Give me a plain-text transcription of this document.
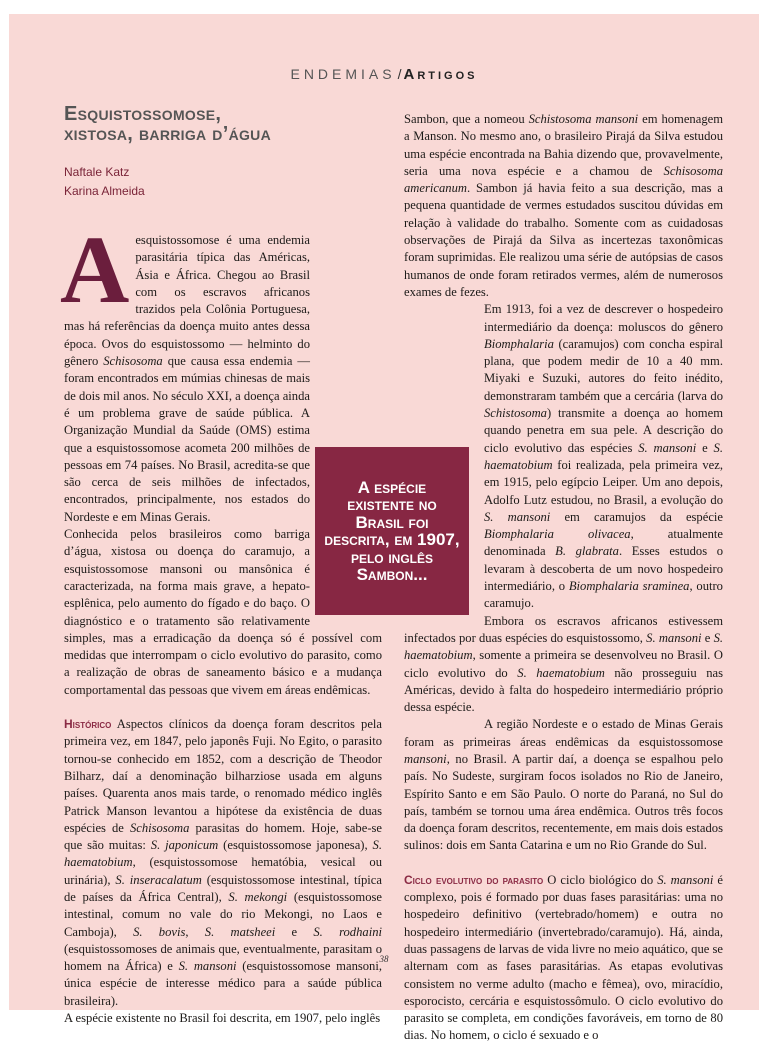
ENDEMIAS / Artigos
Esquistossomose,
xistosa, barriga d’água
Naftale Katz
Karina Almeida

Aesquistossomose é uma endemia parasitária típica das Américas, Ásia e África. Chegou ao Brasil com os escravos africanos trazidos pela Colônia Portuguesa, mas há referências da doença muito antes dessa época. Ovos do esquistossomo — helminto do gênero Schisosoma que causa essa endemia — foram encontrados em múmias chinesas de mais de dois mil anos. No século XXI, a doença ainda é um problema grave de saúde pública. A Organização Mundial da Saúde (OMS) estima que a esquistossomose acometa 200 milhões de pessoas em 74 países. No Brasil, acredita-se que são cerca de seis milhões de infectados, encontrados, principalmente, nos estados do Nordeste e em Minas Gerais.

Conhecida pelos brasileiros como barriga d’água, xistosa ou doença do caramujo, a esquistossomose mansoni ou mansônica é caracterizada, na forma mais grave, a hepato-esplênica, pelo aumento do fígado e do baço. O diagnóstico e o tratamento são relativamente simples, mas a erradicação da doença só é possível com medidas que interrompam o ciclo evolutivo do parasito, como a realização de obras de saneamento básico e a mudança comportamental das pessoas que vivem em áreas endêmicas.

Histórico Aspectos clínicos da doença foram descritos pela primeira vez, em 1847, pelo japonês Fuji. No Egito, o parasito tornou-se conhecido em 1852, com a descrição de Theodor Bilharz, daí a denominação bilharziose usada em alguns países. Quarenta anos mais tarde, o renomado médico inglês Patrick Manson levantou a hipótese da existência de duas espécies de Schisosoma parasitas do homem. Hoje, sabe-se que são muitas: S. japonicum (esquistossomose japonesa), S. haematobium, (esquistossomose hematóbia, vesical ou urinária), S. inseracalatum (esquistossomose intestinal, típica de países da África Central), S. mekongi (esquistossomose intestinal, comum no vale do rio Mekongi, no Laos e Camboja), S. bovis, S. matsheei e S. rodhaini (esquistossomoses de animais que, eventualmente, parasitam o homem na África) e S. mansoni (esquistossomose mansoni, única espécie de interesse médico para a saúde pública brasileira).

A espécie existente no Brasil foi descrita, em 1907, pelo inglês

Sambon, que a nomeou Schistosoma mansoni em homenagem a Manson. No mesmo ano, o brasileiro Pirajá da Silva estudou uma espécie encontrada na Bahia dizendo que, provavelmente, seria uma nova espécie e a chamou de Schisosoma americanum. Sambon já havia feito a sua descrição, mas a pequena quantidade de vermes estudados suscitou dúvidas em relação à validade do trabalho. Somente com as cuidadosas observações de Pirajá da Silva as incertezas taxonômicas foram suprimidas. Ele realizou uma série de autópsias de casos humanos de onde foram retirados vermes, além de numerosos exames de fezes.

Em 1913, foi a vez de descrever o hospedeiro intermediário da doença: moluscos do gênero Biomphalaria (caramujos) com concha espiral plana, que podem medir de 10 a 40 mm. Miyaki e Suzuki, autores do feito inédito, demonstraram também que a cercária (larva do Schistosoma) transmite a doença ao homem quando penetra em sua pele. A descrição do ciclo evolutivo das espécies S. mansoni e S. haematobium foi realizada, pela primeira vez, em 1915, pelo egípcio Leiper. Um ano depois, Adolfo Lutz estudou, no Brasil, a evolução do S. mansoni em caramujos da espécie Biomphalaria olivacea, atualmente denominada B. glabrata. Esses estudos o levaram à descoberta de um novo hospedeiro intermediário, o Biomphalaria sraminea, outro caramujo.

Embora os escravos africanos estivessem infectados por duas espécies do esquistossomo, S. mansoni e S. haematobium, somente a primeira se desenvolveu no Brasil. O ciclo evolutivo do S. haematobium não prosseguiu nas Américas, devido à falta do hospedeiro intermediário próprio dessa espécie.

A região Nordeste e o estado de Minas Gerais foram as primeiras áreas endêmicas da esquistossomose mansoni, no Brasil. A partir daí, a doença se espalhou pelo país. No Sudeste, surgiram focos isolados no Rio de Janeiro, Espírito Santo e em São Paulo. O norte do Paraná, no Sul do país, também se tornou uma área endêmica. Outros três focos da doença foram descritos, recentemente, em mais dois estados sulinos: dois em Santa Catarina e um no Rio Grande do Sul.

Ciclo evolutivo do parasito O ciclo biológico do S. mansoni é complexo, pois é formado por duas fases parasitárias: uma no hospedeiro definitivo (vertebrado/homem) e outra no hospedeiro intermediário (invertebrado/caramujo). Há, ainda, duas passagens de larvas de vida livre no meio aquático, que se alternam com as fases parasitárias. As etapas evolutivas consistem no verme adulto (macho e fêmea), ovo, miracídio, esporocisto, cercária e esquistossômulo. O ciclo evolutivo do parasito se completa, em condições favoráveis, em torno de 80 dias. No homem, o ciclo é sexuado e o

A espécie existente no Brasil foi descrita, em 1907, pelo inglês Sambon...
38
